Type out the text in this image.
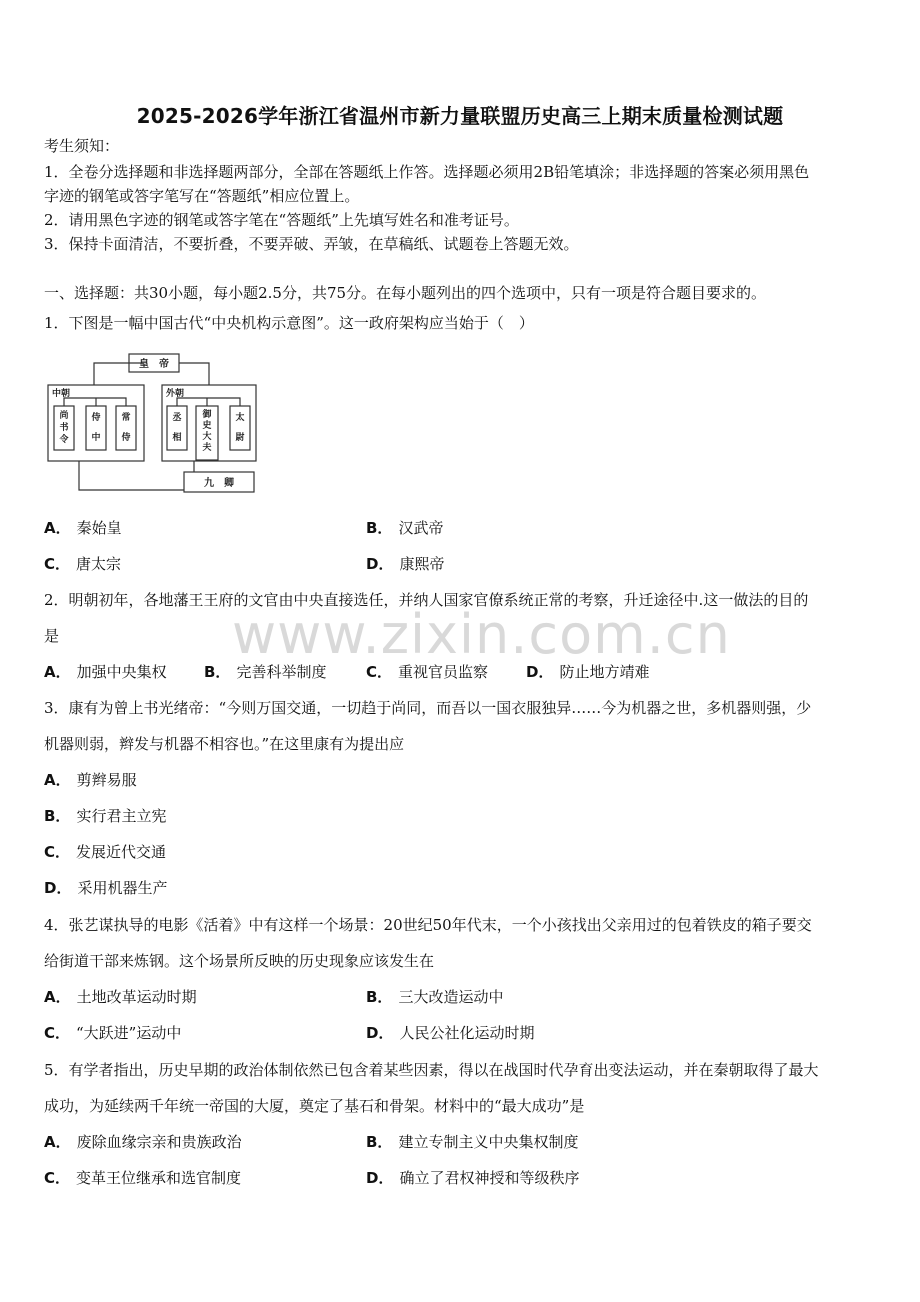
www.zixin.com.cn
2025-2026学年浙江省温州市新力量联盟历史高三上期末质量检测试题
考生须知：
1．全卷分选择题和非选择题两部分，全部在答题纸上作答。选择题必须用2B铅笔填涂；非选择题的答案必须用黑色
字迹的钢笔或答字笔写在“答题纸”相应位置上。
2．请用黑色字迹的钢笔或答字笔在“答题纸”上先填写姓名和准考证号。
3．保持卡面清洁，不要折叠，不要弄破、弄皱，在草稿纸、试题卷上答题无效。
一、选择题：共30小题，每小题2.5分，共75分。在每小题列出的四个选项中，只有一项是符合题目要求的。
1．下图是一幅中国古代“中央机构示意图”。这一政府架构应当始于（　）
皇　帝
中朝	外朝
九　卿
尚
书
令
侍
中
常
侍
丞
相
御
史
大
夫
太
尉
A． 秦始皇	B． 汉武帝
C． 唐太宗	D． 康熙帝
2．明朝初年，各地藩王王府的文官由中央直接选任，并纳人国家官僚系统正常的考察，升迁途径中.这一做法的目的
是
A． 加强中央集权 B． 完善科举制度	C． 重视官员监察	D． 防止地方靖难
3．康有为曾上书光绪帝：“今则万国交通，一切趋于尚同，而吾以一国衣服独异……今为机器之世，多机器则强，少
机器则弱，辫发与机器不相容也。”在这里康有为提出应
A． 剪辫易服
B． 实行君主立宪
C． 发展近代交通
D． 采用机器生产
4．张艺谋执导的电影《活着》中有这样一个场景：20世纪50年代末，一个小孩找出父亲用过的包着铁皮的箱子要交
给街道干部来炼钢。这个场景所反映的历史现象应该发生在
A． 土地改革运动时期	B． 三大改造运动中
C． “大跃进”运动中	D． 人民公社化运动时期
5．有学者指出，历史早期的政治体制依然已包含着某些因素，得以在战国时代孕育出变法运动，并在秦朝取得了最大
成功，为延续两千年统一帝国的大厦，奠定了基石和骨架。材料中的“最大成功”是
A． 废除血缘宗亲和贵族政治	B． 建立专制主义中央集权制度
C． 变革王位继承和选官制度	D． 确立了君权神授和等级秩序
